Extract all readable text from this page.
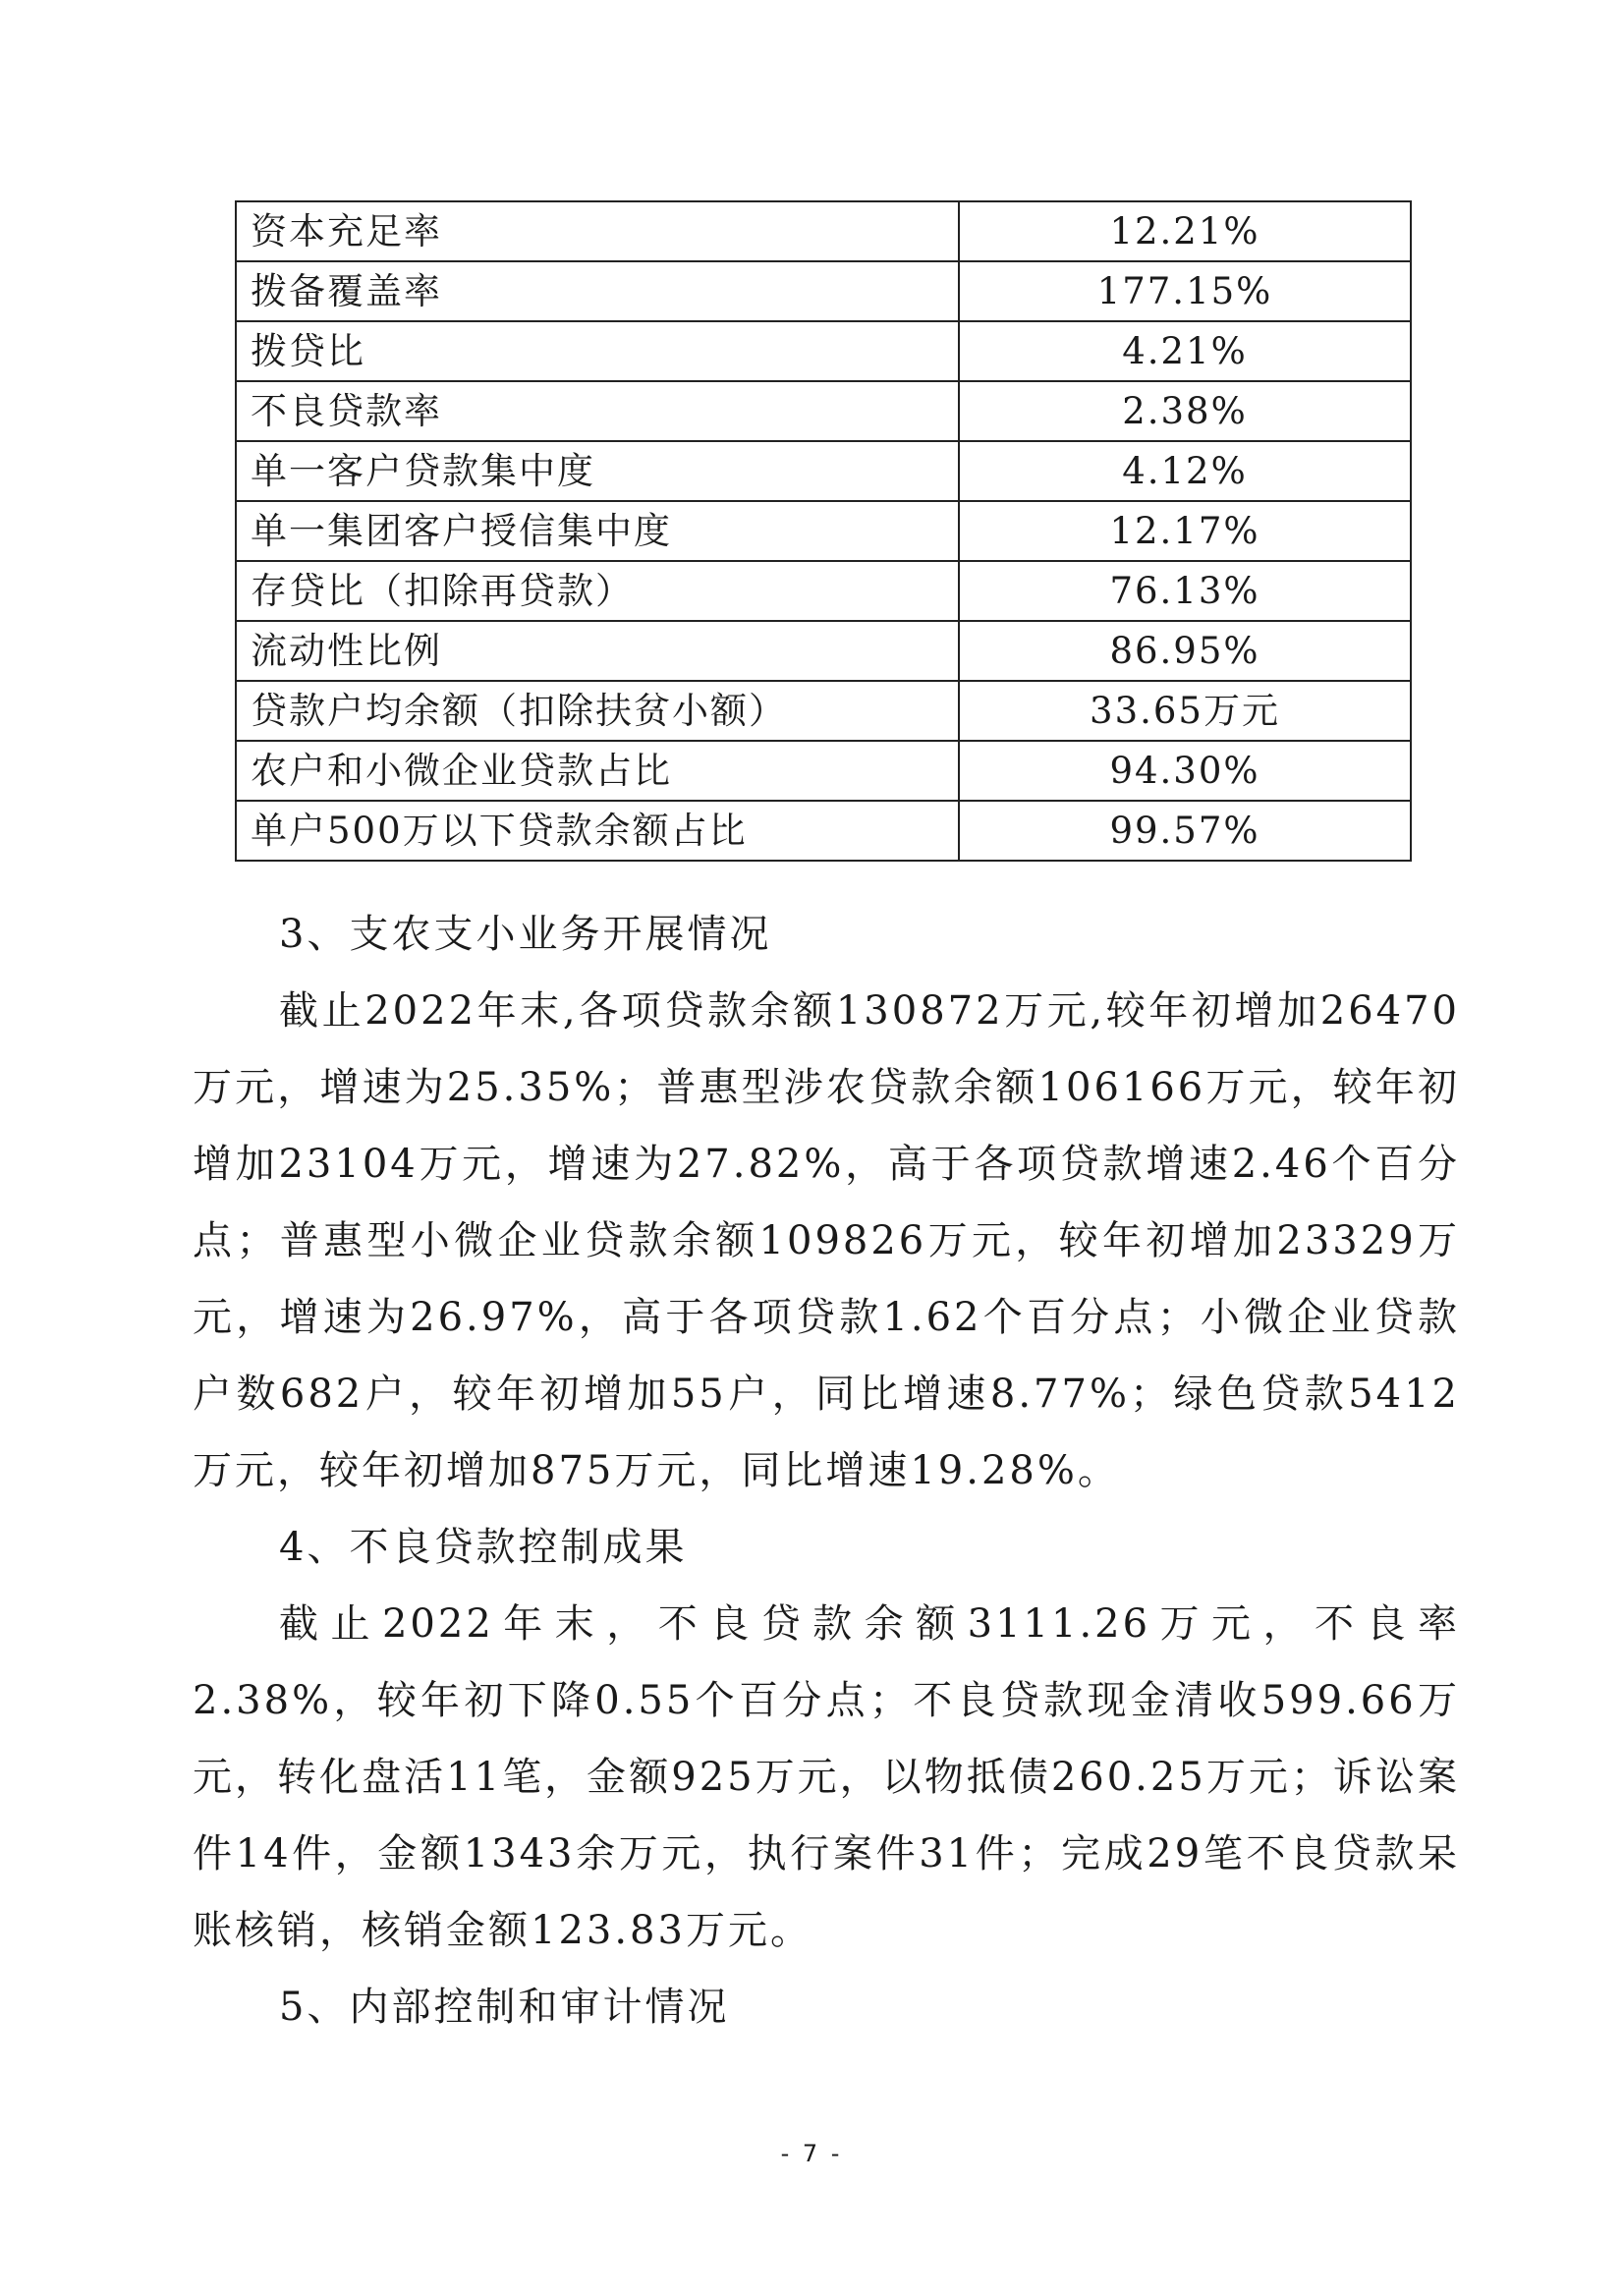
资本充足率	12.21%
拨备覆盖率	177.15%
拨贷比	4.21%
不良贷款率	2.38%
单一客户贷款集中度	4.12%
单一集团客户授信集中度	12.17%
存贷比（扣除再贷款）	76.13%
流动性比例	86.95%
贷款户均余额（扣除扶贫小额）	33.65万元
农户和小微企业贷款占比	94.30%
单户500万以下贷款余额占比	99.57%

3、支农支小业务开展情况

截止2022年末,各项贷款余额130872万元,较年初增加26470万元，增速为25.35%；普惠型涉农贷款余额106166万元，较年初增加23104万元，增速为27.82%，高于各项贷款增速2.46个百分点；普惠型小微企业贷款余额109826万元，较年初增加23329万元，增速为26.97%，高于各项贷款1.62个百分点；小微企业贷款户数682户，较年初增加55户，同比增速8.77%；绿色贷款5412万元，较年初增加875万元，同比增速19.28%。

4、不良贷款控制成果

截止2022年末，不良贷款余额3111.26万元，不良率2.38%，较年初下降0.55个百分点；不良贷款现金清收599.66万元，转化盘活11笔，金额925万元，以物抵债260.25万元；诉讼案件14件，金额1343余万元，执行案件31件；完成29笔不良贷款呆账核销，核销金额123.83万元。

5、内部控制和审计情况

- 7 -
